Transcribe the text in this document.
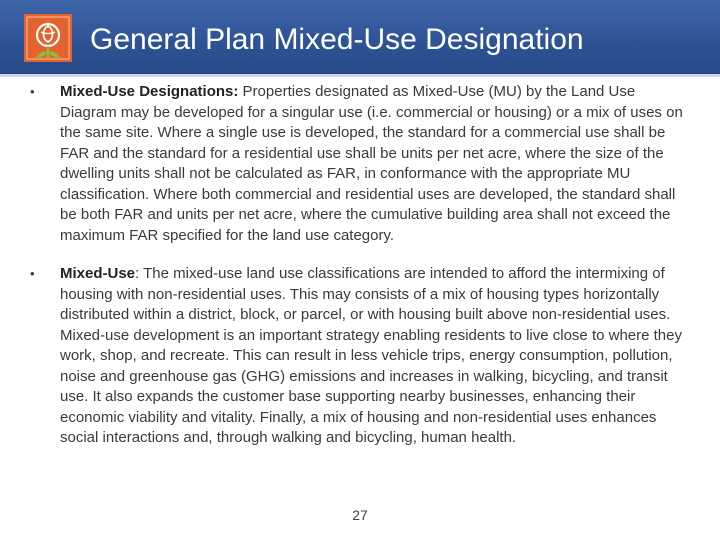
General Plan Mixed-Use Designation
•	Mixed-Use Designations: Properties designated as Mixed-Use (MU) by the Land Use Diagram may be developed for a singular use (i.e. commercial or housing) or a mix of uses on the same site. Where a single use is developed, the standard for a commercial use shall be FAR and the standard for a residential use shall be units per net acre, where the size of the dwelling units shall not be calculated as FAR, in conformance with the appropriate MU classification. Where both commercial and residential uses are developed, the standard shall be both FAR and units per net acre, where the cumulative building area shall not exceed the maximum FAR specified for the land use category.
•	Mixed-Use: The mixed-use land use classifications are intended to afford the intermixing of housing with non-residential uses. This may consists of a mix of housing types horizontally distributed within a district, block, or parcel, or with housing built above non-residential uses. Mixed-use development is an important strategy enabling residents to live close to where they work, shop, and recreate. This can result in less vehicle trips, energy consumption, pollution, noise and greenhouse gas (GHG) emissions and increases in walking, bicycling, and transit use. It also expands the customer base supporting nearby businesses, enhancing their economic viability and vitality. Finally, a mix of housing and non-residential uses enhances social interactions and, through walking and bicycling, human health.
27
